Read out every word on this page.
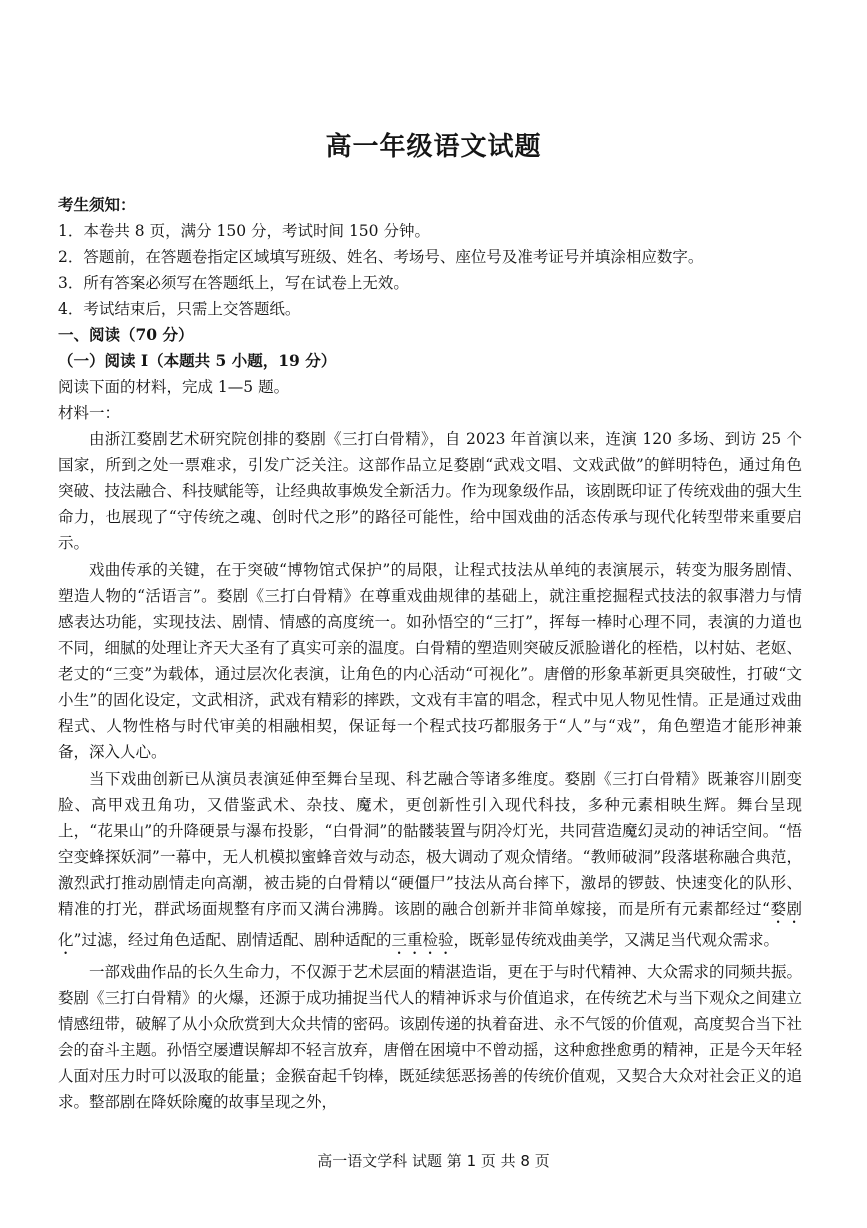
高一年级语文试题
考生须知：
1．本卷共 8 页，满分 150 分，考试时间 150 分钟。
2．答题前，在答题卷指定区域填写班级、姓名、考场号、座位号及准考证号并填涂相应数字。
3．所有答案必须写在答题纸上，写在试卷上无效。
4．考试结束后，只需上交答题纸。
一、阅读（70 分）
（一）阅读 I（本题共 5 小题，19 分）
阅读下面的材料，完成 1—5 题。
材料一：

由浙江婺剧艺术研究院创排的婺剧《三打白骨精》，自 2023 年首演以来，连演 120 多场、到访 25 个国家，所到之处一票难求，引发广泛关注。这部作品立足婺剧“武戏文唱、文戏武做”的鲜明特色，通过角色突破、技法融合、科技赋能等，让经典故事焕发全新活力。作为现象级作品，该剧既印证了传统戏曲的强大生命力，也展现了“守传统之魂、创时代之形”的路径可能性，给中国戏曲的活态传承与现代化转型带来重要启示。

戏曲传承的关键，在于突破“博物馆式保护”的局限，让程式技法从单纯的表演展示，转变为服务剧情、塑造人物的“活语言”。婺剧《三打白骨精》在尊重戏曲规律的基础上，就注重挖掘程式技法的叙事潜力与情感表达功能，实现技法、剧情、情感的高度统一。如孙悟空的“三打”，挥每一棒时心理不同，表演的力道也不同，细腻的处理让齐天大圣有了真实可亲的温度。白骨精的塑造则突破反派脸谱化的桎梏，以村姑、老妪、老丈的“三变”为载体，通过层次化表演，让角色的内心活动“可视化”。唐僧的形象革新更具突破性，打破“文小生”的固化设定，文武相济，武戏有精彩的摔跌，文戏有丰富的唱念，程式中见人物见性情。正是通过戏曲程式、人物性格与时代审美的相融相契，保证每一个程式技巧都服务于“人”与“戏”，角色塑造才能形神兼备，深入人心。

当下戏曲创新已从演员表演延伸至舞台呈现、科艺融合等诸多维度。婺剧《三打白骨精》既兼容川剧变脸、高甲戏丑角功，又借鉴武术、杂技、魔术，更创新性引入现代科技，多种元素相映生辉。舞台呈现上，“花果山”的升降硬景与瀑布投影，“白骨洞”的骷髅装置与阴冷灯光，共同营造魔幻灵动的神话空间。“悟空变蜂探妖洞”一幕中，无人机模拟蜜蜂音效与动态，极大调动了观众情绪。“教师破洞”段落堪称融合典范，激烈武打推动剧情走向高潮，被击毙的白骨精以“硬僵尸”技法从高台摔下，激昂的锣鼓、快速变化的队形、精准的打光，群武场面规整有序而又满台沸腾。该剧的融合创新并非简单嫁接，而是所有元素都经过“婺剧化”过滤，经过角色适配、剧情适配、剧种适配的三重检验，既彰显传统戏曲美学，又满足当代观众需求。

一部戏曲作品的长久生命力，不仅源于艺术层面的精湛造诣，更在于与时代精神、大众需求的同频共振。婺剧《三打白骨精》的火爆，还源于成功捕捉当代人的精神诉求与价值追求，在传统艺术与当下观众之间建立情感纽带，破解了从小众欣赏到大众共情的密码。该剧传递的执着奋进、永不气馁的价值观，高度契合当下社会的奋斗主题。孙悟空屡遭误解却不轻言放弃，唐僧在困境中不曾动摇，这种愈挫愈勇的精神，正是今天年轻人面对压力时可以汲取的能量；金猴奋起千钧棒，既延续惩恶扬善的传统价值观，又契合大众对社会正义的追求。整部剧在降妖除魔的故事呈现之外，

高一语文学科 试题 第 1 页 共 8 页
